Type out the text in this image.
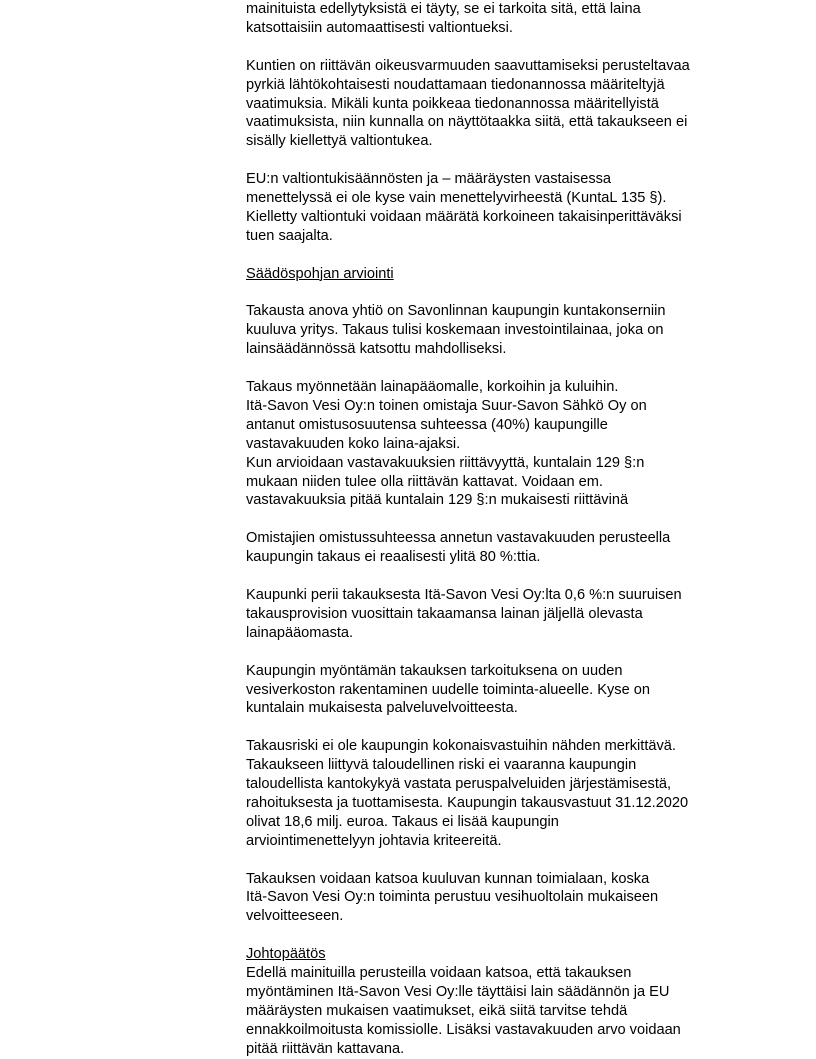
mainituista edellytyksistä ei täyty, se ei tarkoita sitä, että laina
katsottaisiin automaattisesti valtiontueksi.

Kuntien on riittävän oikeusvarmuuden saavuttamiseksi perusteltavaa
pyrkiä lähtökohtaisesti noudattamaan tiedonannossa määriteltyjä
vaatimuksia. Mikäli kunta poikkeaa tiedonannossa määritellyistä
vaatimuksista, niin kunnalla on näyttötaakka siitä, että takaukseen ei
sisälly kiellettyä valtiontukea.

EU:n valtiontukisäännösten ja – määräysten vastaisessa
menettelyssä ei ole kyse vain menettelyvirheestä (KuntaL 135 §).
Kielletty valtiontuki voidaan määrätä korkoineen takaisinperittäväksi
tuen saajalta.

Säädöspohjan arviointi

Takausta anova yhtiö on Savonlinnan kaupungin kuntakonserniin
kuuluva yritys. Takaus tulisi koskemaan investointilainaa, joka on
lainsäädännössä katsottu mahdolliseksi.

Takaus myönnetään lainapääomalle, korkoihin ja kuluihin.
Itä-Savon Vesi Oy:n toinen omistaja Suur-Savon Sähkö Oy on
antanut omistusosuutensa suhteessa (40%) kaupungille
vastavakuuden koko laina-ajaksi.
Kun arvioidaan vastavakuuksien riittävyyttä, kuntalain 129 §:n
mukaan niiden tulee olla riittävän kattavat. Voidaan em.
vastavakuuksia pitää kuntalain 129 §:n mukaisesti riittävinä

Omistajien omistussuhteessa annetun vastavakuuden perusteella
kaupungin takaus ei reaalisesti ylitä 80 %:ttia.

Kaupunki perii takauksesta Itä-Savon Vesi Oy:lta 0,6 %:n suuruisen
takausprovision vuosittain takaamansa lainan jäljellä olevasta
lainapääomasta.

Kaupungin myöntämän takauksen tarkoituksena on uuden
vesiverkoston rakentaminen uudelle toiminta-alueelle. Kyse on
kuntalain mukaisesta palveluvelvoitteesta.

Takausriski ei ole kaupungin kokonaisvastuihin nähden merkittävä.
Takaukseen liittyvä taloudellinen riski ei vaaranna kaupungin
taloudellista kantokykyä vastata peruspalveluiden järjestämisestä,
rahoituksesta ja tuottamisesta. Kaupungin takausvastuut 31.12.2020
olivat 18,6 milj. euroa. Takaus ei lisää kaupungin
arviointimenettelyyn johtavia kriteereitä.

Takauksen voidaan katsoa kuuluvan kunnan toimialaan, koska
Itä-Savon Vesi Oy:n toiminta perustuu vesihuoltolain mukaiseen
velvoitteeseen.

Johtopäätös

Edellä mainituilla perusteilla voidaan katsoa, että takauksen
myöntäminen Itä-Savon Vesi Oy:lle täyttäisi lain säädännön ja EU
määräysten mukaisen vaatimukset, eikä siitä tarvitse tehdä
ennakkoilmoitusta komissiolle. Lisäksi vastavakuuden arvo voidaan
pitää riittävän kattavana.
